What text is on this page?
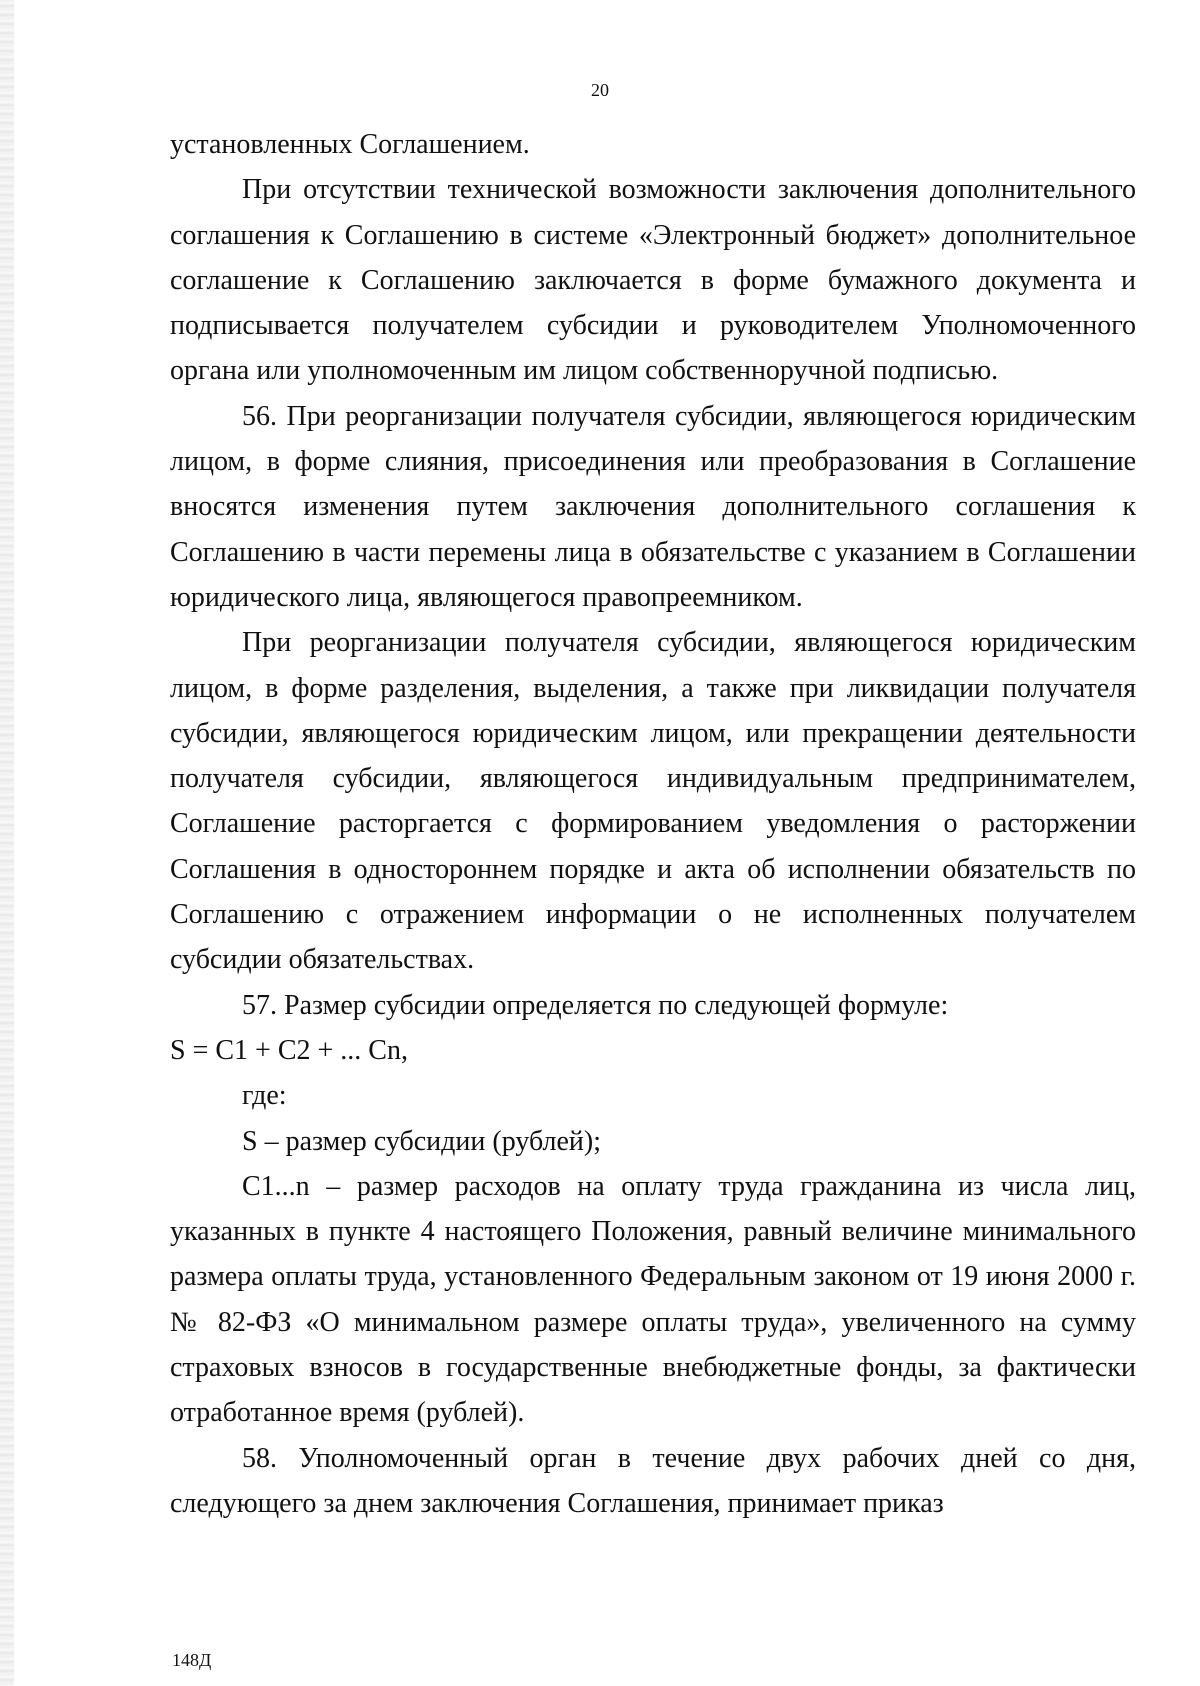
20

установленных Соглашением.

При отсутствии технической возможности заключения дополнительного соглашения к Соглашению в системе «Электронный бюджет» дополнительное соглашение к Соглашению заключается в форме бумажного документа и подписывается получателем субсидии и руководителем Уполномоченного органа или уполномоченным им лицом собственноручной подписью.

56. При реорганизации получателя субсидии, являющегося юридическим лицом, в форме слияния, присоединения или преобразования в Соглашение вносятся изменения путем заключения дополнительного соглашения к Соглашению в части перемены лица в обязательстве с указанием в Соглашении юридического лица, являющегося правопреемником.

При реорганизации получателя субсидии, являющегося юридическим лицом, в форме разделения, выделения, а также при ликвидации получателя субсидии, являющегося юридическим лицом, или прекращении деятельности получателя субсидии, являющегося индивидуальным предпринимателем, Соглашение расторгается с формированием уведомления о расторжении Соглашения в одностороннем порядке и акта об исполнении обязательств по Соглашению с отражением информации о не исполненных получателем субсидии обязательствах.

57. Размер субсидии определяется по следующей формуле:

S = C1 + C2 + ... Cn,

где:

S – размер субсидии (рублей);

C1...n – размер расходов на оплату труда гражданина из числа лиц, указанных в пункте 4 настоящего Положения, равный величине минимального размера оплаты труда, установленного Федеральным законом от 19 июня 2000 г. № 82-ФЗ «О минимальном размере оплаты труда», увеличенного на сумму страховых взносов в государственные внебюджетные фонды, за фактически отработанное время (рублей).

58. Уполномоченный орган в течение двух рабочих дней со дня, следующего за днем заключения Соглашения, принимает приказ

148Д
